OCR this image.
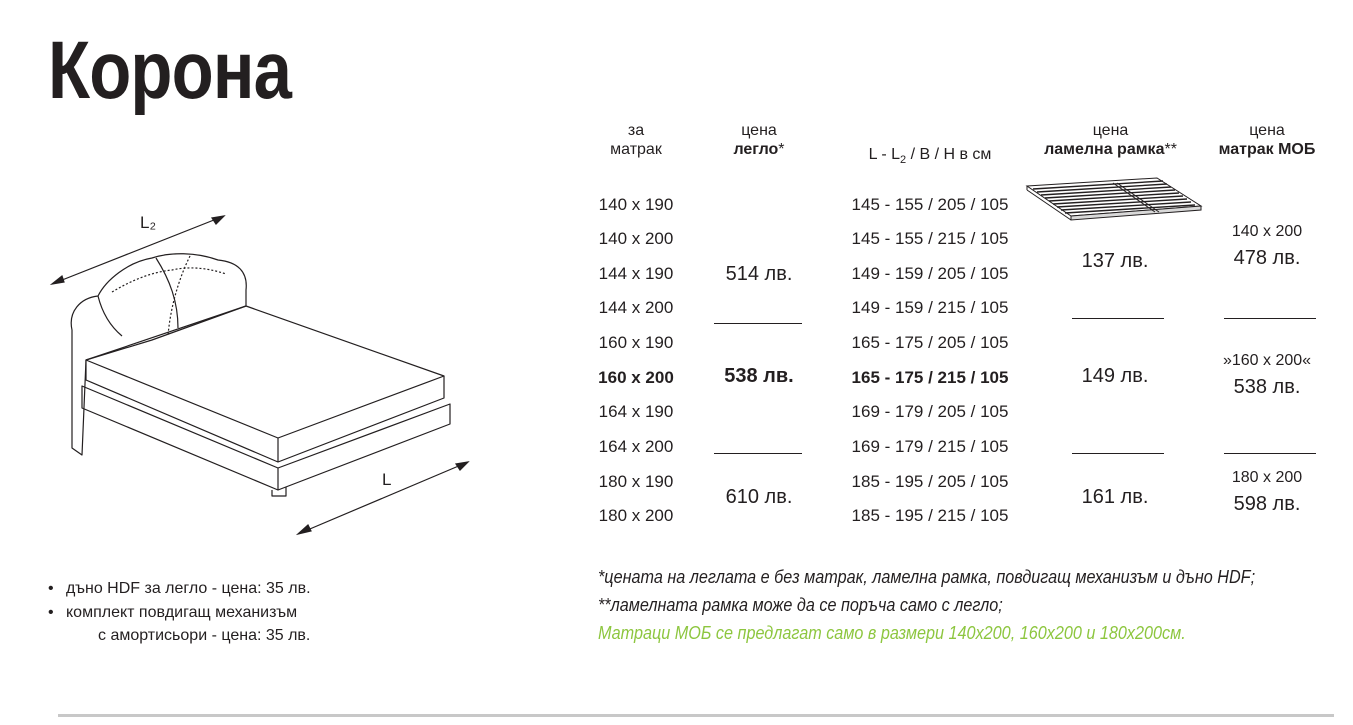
Корона
L₂
L
за
матрак
цена
легло*	L - $L_2$ / B / H в см
цена
ламелна рамка**
цена
матрак МОБ
140 x 190
140 x 200
144 x 190
144 x 200
160 x 190
160 x 200
164 x 190
164 x 200
180 x 190
180 x 200
145 - 155 / 205 / 105
145 - 155 / 215 / 105
149 - 159 / 205 / 105
149 - 159 / 215 / 105
165 - 175 / 205 / 105
165 - 175 / 215 / 105
169 - 179 / 205 / 105
169 - 179 / 215 / 105
185 - 195 / 205 / 105
185 - 195 / 215 / 105
514 лв.
538 лв.
610 лв.
137 лв.
149 лв.
161 лв.
140 x 200
478 лв.
»160 x 200«
538 лв.
180 x 200
598 лв.
• дъно HDF за легло - цена: 35 лв.
• комплект повдигащ механизъм
с амортисьори - цена: 35 лв.
*цената на леглата е без матрак, ламелна рамка, повдигащ механизъм и дъно HDF;
**ламелната рамка може да се поръча само с легло;
Матраци МОБ се предлагат само в размери 140x200, 160x200 и 180x200см.
